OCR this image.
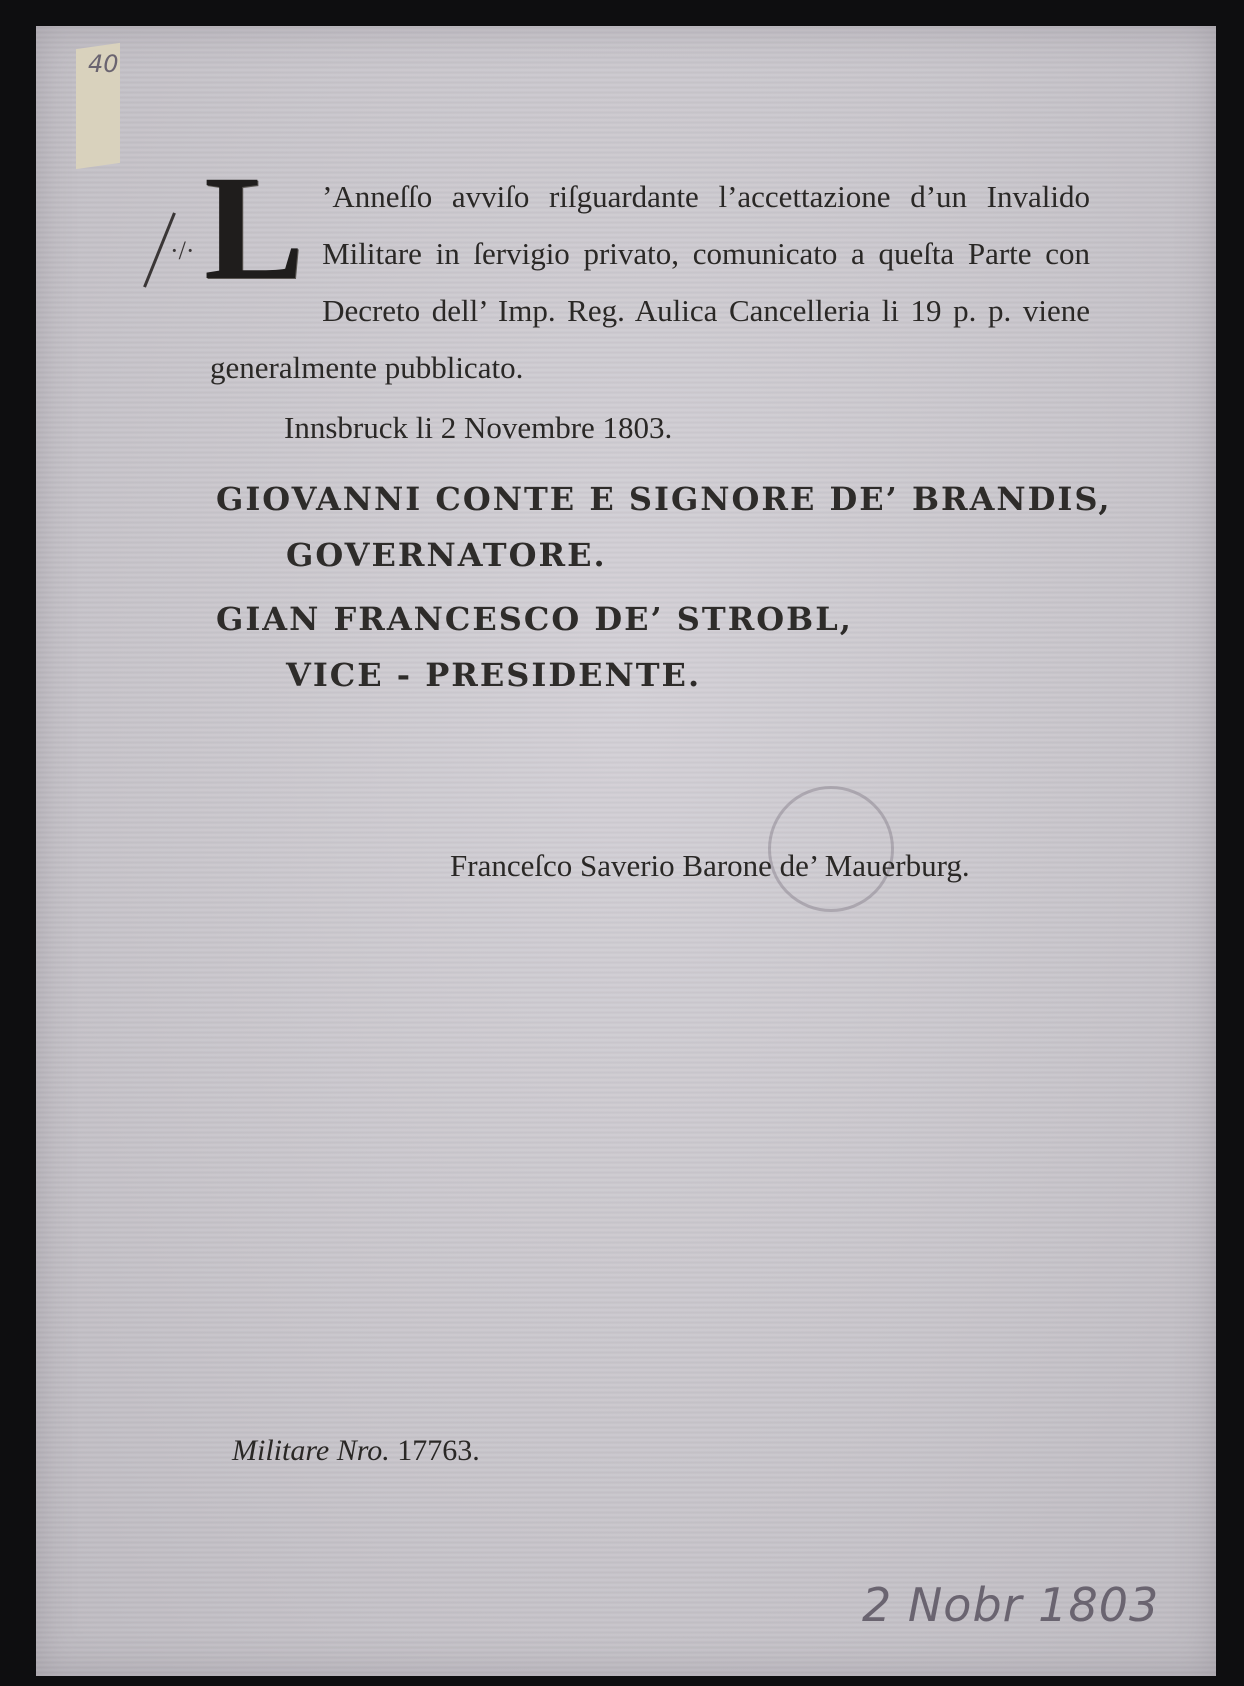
40
·/· L ’Anneſſo avviſo riſguardante l’accettazione d’un Invalido Militare in ſervigio privato, comunicato a queſta Parte con Decreto dell’ Imp. Reg. Aulica Cancelleria li 19 p. p. viene generalmente pubblicato.
Innsbruck li 2 Novembre 1803.
GIOVANNI CONTE E SIGNORE DE’ BRANDIS,
GOVERNATORE.
GIAN FRANCESCO DE’ STROBL,
VICE - PRESIDENTE.
Franceſco Saverio Barone de’ Mauerburg.
Militare Nro. 17763.
2 Nobr 1803
